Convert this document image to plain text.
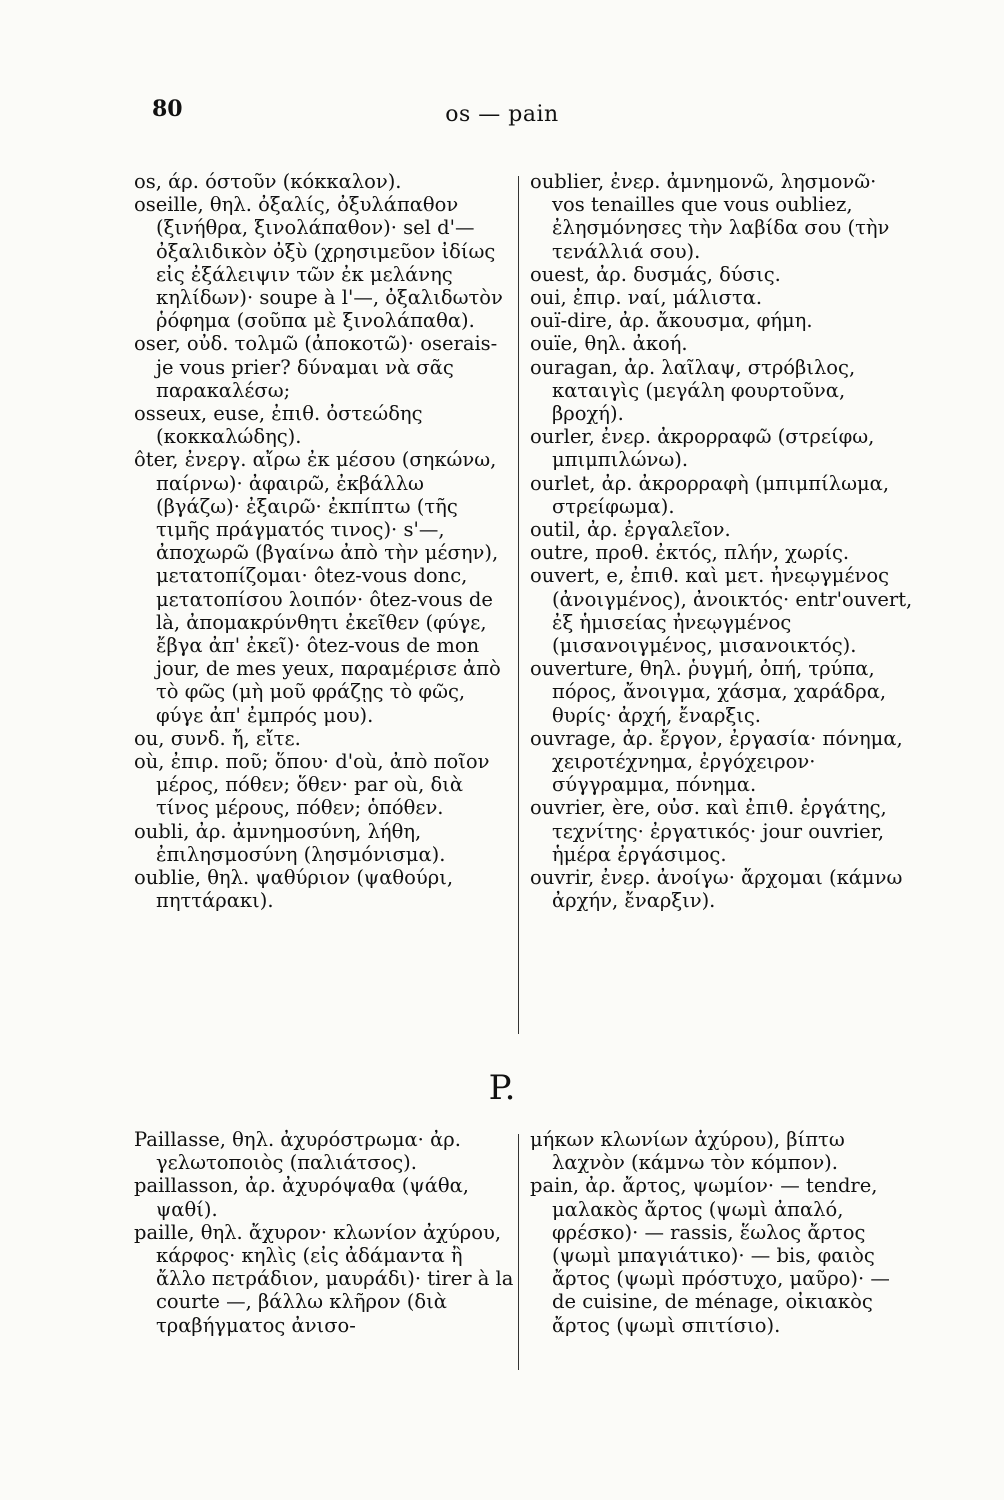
80	os — pain

os, άρ. όστοῦν (κόκκαλον).

oseille, θηλ. ὀξαλίς, ὀξυλάπαθον (ξινήθρα, ξινολάπαθον)· sel d'— ὀξαλιδικὸν ὀξὺ (χρησιμεῦον ἰδίως εἰς ἐξάλειψιν τῶν ἐκ μελάνης κηλίδων)· soupe à l'—, ὀξαλιδωτὸν ῥόφημα (σοῦπα μὲ ξινολάπαθα).

oser, οὐδ. τολμῶ (ἀποκοτῶ)· oserais-je vous prier? δύναμαι νὰ σᾶς παρακαλέσω;

osseux, euse, ἐπιθ. ὀστεώδης (κοκκαλώδης).

ôter, ἐνεργ. αἴρω ἐκ μέσου (σηκώνω, παίρνω)· ἀφαιρῶ, ἐκβάλλω (βγάζω)· ἐξαιρῶ· ἐκπίπτω (τῆς τιμῆς πράγματός τινος)· s'—, ἀποχωρῶ (βγαίνω ἀπὸ τὴν μέσην), μετατοπίζομαι· ôtez-vous donc, μετατοπίσου λοιπόν· ôtez-vous de là, ἀπομακρύνθητι ἐκεῖθεν (φύγε, ἔβγα ἀπ' ἐκεῖ)· ôtez-vous de mon jour, de mes yeux, παραμέρισε ἀπὸ τὸ φῶς (μὴ μοῦ φράζῃς τὸ φῶς, φύγε ἀπ' ἐμπρός μου).

ou, συνδ. ἤ, εἴτε.

où, ἐπιρ. ποῦ; ὅπου· d'où, ἀπὸ ποῖον μέρος, πόθεν; ὅθεν· par où, διὰ τίνος μέρους, πόθεν; ὁπόθεν.

oubli, ἀρ. ἀμνημοσύνη, λήθη, ἐπιλησμοσύνη (λησμόνισμα).

oublie, θηλ. ψαθύριον (ψαθούρι, πηττάρακι).

oublier, ἐνερ. ἀμνημονῶ, λησμονῶ· vos tenailles que vous oubliez, ἐλησμόνησες τὴν λαβίδα σου (τὴν τενάλλιά σου).

ouest, ἀρ. δυσμάς, δύσις.

oui, ἐπιρ. ναί, μάλιστα.

ouï-dire, ἀρ. ἄκουσμα, φήμη.

ouïe, θηλ. ἀκοή.

ouragan, ἀρ. λαῖλαψ, στρόβιλος, καταιγὶς (μεγάλη φουρτοῦνα, βροχή).

ourler, ἐνερ. ἀκρορραφῶ (στρείφω, μπιμπιλώνω).

ourlet, ἀρ. ἀκρορραφὴ (μπιμπίλωμα, στρείφωμα).

outil, ἀρ. ἐργαλεῖον.

outre, προθ. ἐκτός, πλήν, χωρίς.

ouvert, e, ἐπιθ. καὶ μετ. ἠνεῳγμένος (ἀνοιγμένος), ἀνοικτός· entr'ouvert, ἐξ ἡμισείας ἠνεῳγμένος (μισανοιγμένος, μισανοικτός).

ouverture, θηλ. ῥυγμή, ὀπή, τρύπα, πόρος, ἄνοιγμα, χάσμα, χαράδρα, θυρίς· ἀρχή, ἔναρξις.

ouvrage, ἀρ. ἔργον, ἐργασία· πόνημα, χειροτέχνημα, ἐργόχειρον· σύγγραμμα, πόνημα.

ouvrier, ère, οὐσ. καὶ ἐπιθ. ἐργάτης, τεχνίτης· ἐργατικός· jour ouvrier, ἡμέρα ἐργάσιμος.

ouvrir, ἐνερ. ἀνοίγω· ἄρχομαι (κάμνω ἀρχήν, ἔναρξιν).

P.

Paillasse, θηλ. ἀχυρόστρωμα· ἀρ. γελωτοποιὸς (παλιάτσος).

paillasson, ἀρ. ἀχυρόψαθα (ψάθα, ψαθί).

paille, θηλ. ἄχυρον· κλωνίον ἀχύρου, κάρφος· κηλὶς (εἰς ἀδάμαντα ἢ ἄλλο πετράδιον, μαυράδι)· tirer à la courte —, βάλλω κλῆρον (διὰ τραβήγματος ἀνισο-

μήκων κλωνίων ἀχύρου), βίπτω λαχνὸν (κάμνω τὸν κόμπον).

pain, ἀρ. ἄρτος, ψωμίον· — tendre, μαλακὸς ἄρτος (ψωμὶ ἀπαλό, φρέσκο)· — rassis, ἕωλος ἄρτος (ψωμὶ μπαγιάτικο)· — bis, φαιὸς ἄρτος (ψωμὶ πρόστυχο, μαῦρο)· — de cuisine, de ménage, οἰκιακὸς ἄρτος (ψωμὶ σπιτίσιο).
